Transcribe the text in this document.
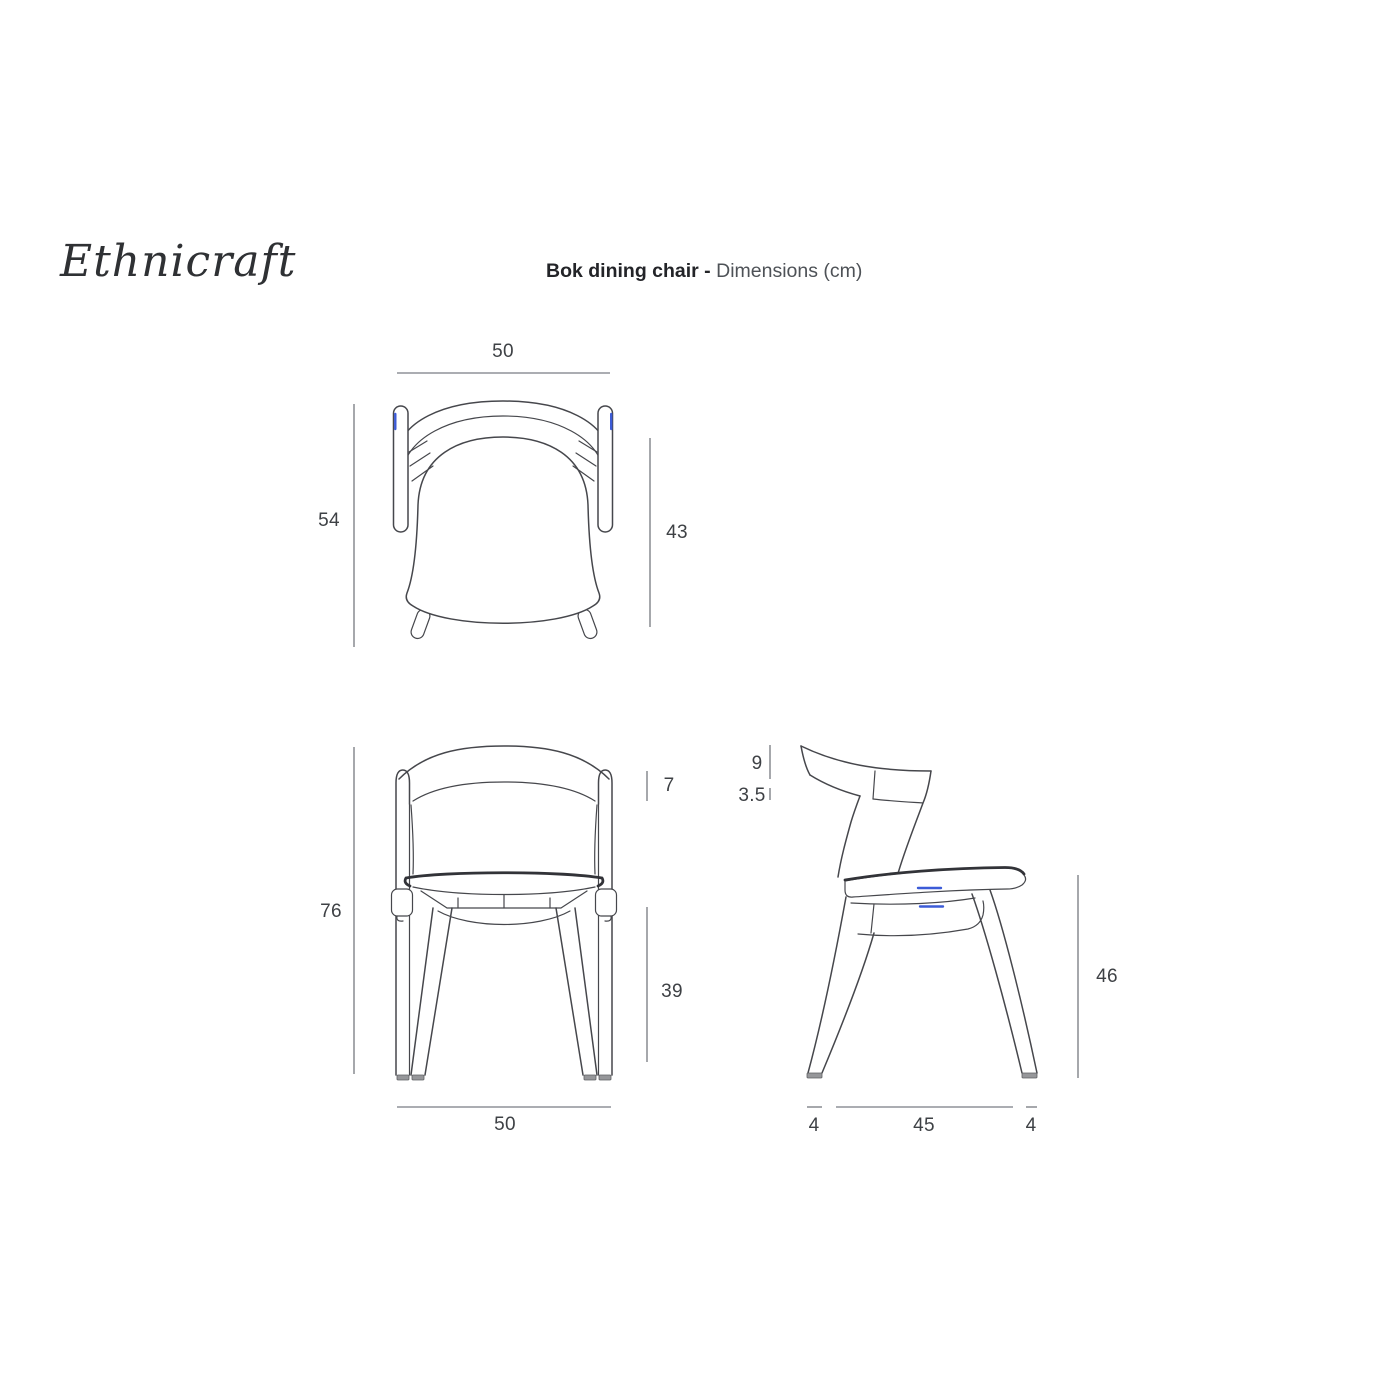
Ethnicraft	Bok dining chair - Dimensions (cm)
50
54
43
76
7
39
50
9
3.5
46
4	45	4
